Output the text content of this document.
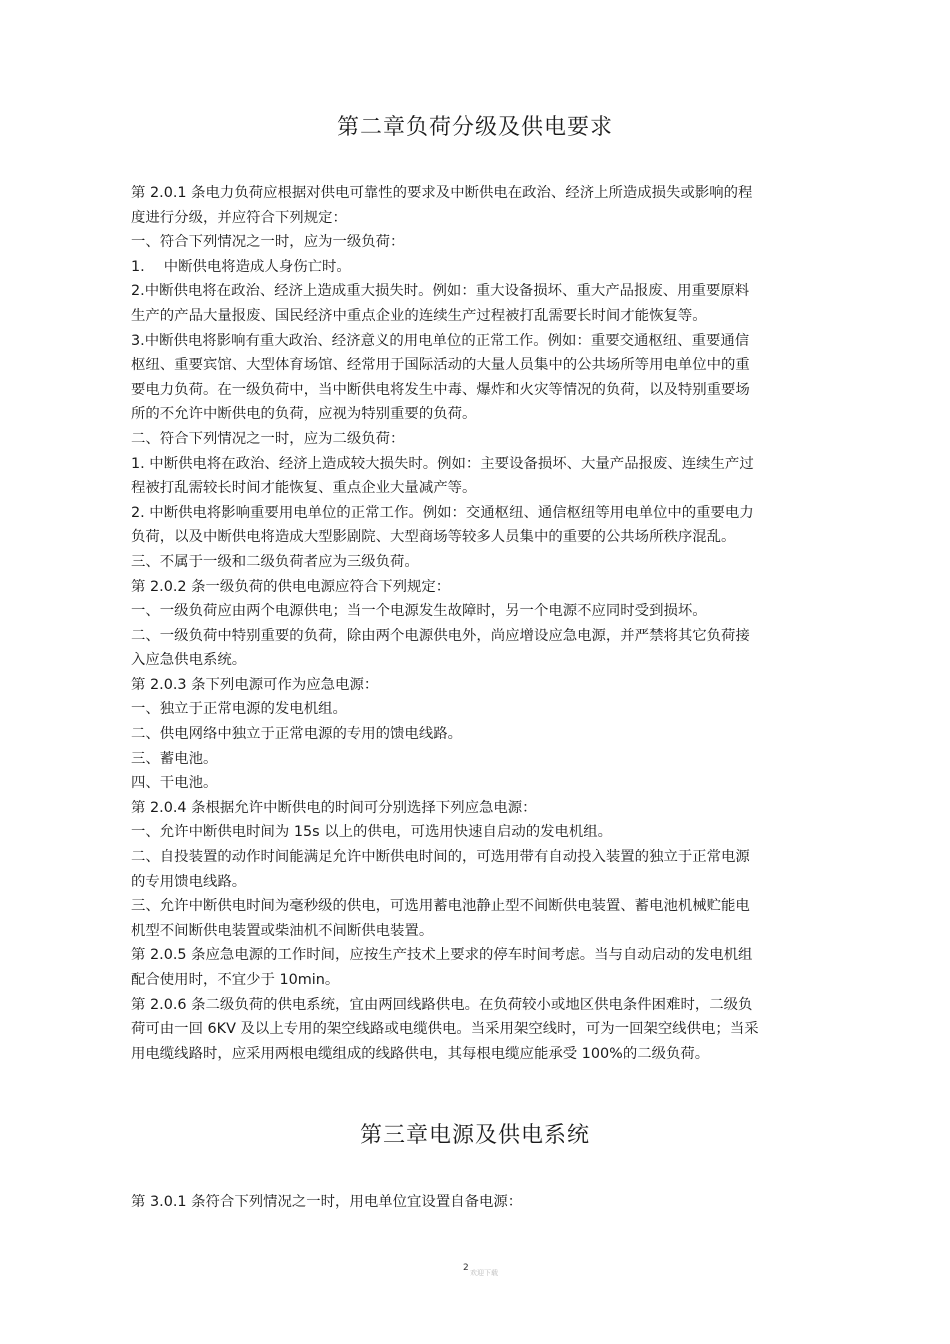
第二章负荷分级及供电要求
第 2.0.1 条电力负荷应根据对供电可靠性的要求及中断供电在政治、经济上所造成损失或影响的程
度进行分级，并应符合下列规定：
一、符合下列情况之一时，应为一级负荷：
1.　 中断供电将造成人身伤亡时。
2.中断供电将在政治、经济上造成重大损失时。例如：重大设备损坏、重大产品报废、用重要原料
生产的产品大量报废、国民经济中重点企业的连续生产过程被打乱需要长时间才能恢复等。
3.中断供电将影响有重大政治、经济意义的用电单位的正常工作。例如：重要交通枢纽、重要通信
枢纽、重要宾馆、大型体育场馆、经常用于国际活动的大量人员集中的公共场所等用电单位中的重
要电力负荷。在一级负荷中，当中断供电将发生中毒、爆炸和火灾等情况的负荷，以及特别重要场
所的不允许中断供电的负荷，应视为特别重要的负荷。
二、符合下列情况之一时，应为二级负荷：
1. 中断供电将在政治、经济上造成较大损失时。例如：主要设备损坏、大量产品报废、连续生产过
程被打乱需较长时间才能恢复、重点企业大量减产等。
2. 中断供电将影响重要用电单位的正常工作。例如：交通枢纽、通信枢纽等用电单位中的重要电力
负荷，以及中断供电将造成大型影剧院、大型商场等较多人员集中的重要的公共场所秩序混乱。
三、不属于一级和二级负荷者应为三级负荷。
第 2.0.2 条一级负荷的供电电源应符合下列规定：
一、一级负荷应由两个电源供电；当一个电源发生故障时，另一个电源不应同时受到损坏。
二、一级负荷中特别重要的负荷，除由两个电源供电外，尚应增设应急电源，并严禁将其它负荷接
入应急供电系统。
第 2.0.3 条下列电源可作为应急电源：
一、独立于正常电源的发电机组。
二、供电网络中独立于正常电源的专用的馈电线路。
三、蓄电池。
四、干电池。
第 2.0.4 条根据允许中断供电的时间可分别选择下列应急电源：
一、允许中断供电时间为 15s 以上的供电，可选用快速自启动的发电机组。
二、自投装置的动作时间能满足允许中断供电时间的，可选用带有自动投入装置的独立于正常电源
的专用馈电线路。
三、允许中断供电时间为毫秒级的供电，可选用蓄电池静止型不间断供电装置、蓄电池机械贮能电
机型不间断供电装置或柴油机不间断供电装置。
第 2.0.5 条应急电源的工作时间，应按生产技术上要求的停车时间考虑。当与自动启动的发电机组
配合使用时，不宜少于 10min。
第 2.0.6 条二级负荷的供电系统，宜由两回线路供电。在负荷较小或地区供电条件困难时，二级负
荷可由一回 6KV 及以上专用的架空线路或电缆供电。当采用架空线时，可为一回架空线供电；当采
用电缆线路时，应采用两根电缆组成的线路供电，其每根电缆应能承受 100%的二级负荷。
第三章电源及供电系统
第 3.0.1 条符合下列情况之一时，用电单位宜设置自备电源：
2 欢迎下载
